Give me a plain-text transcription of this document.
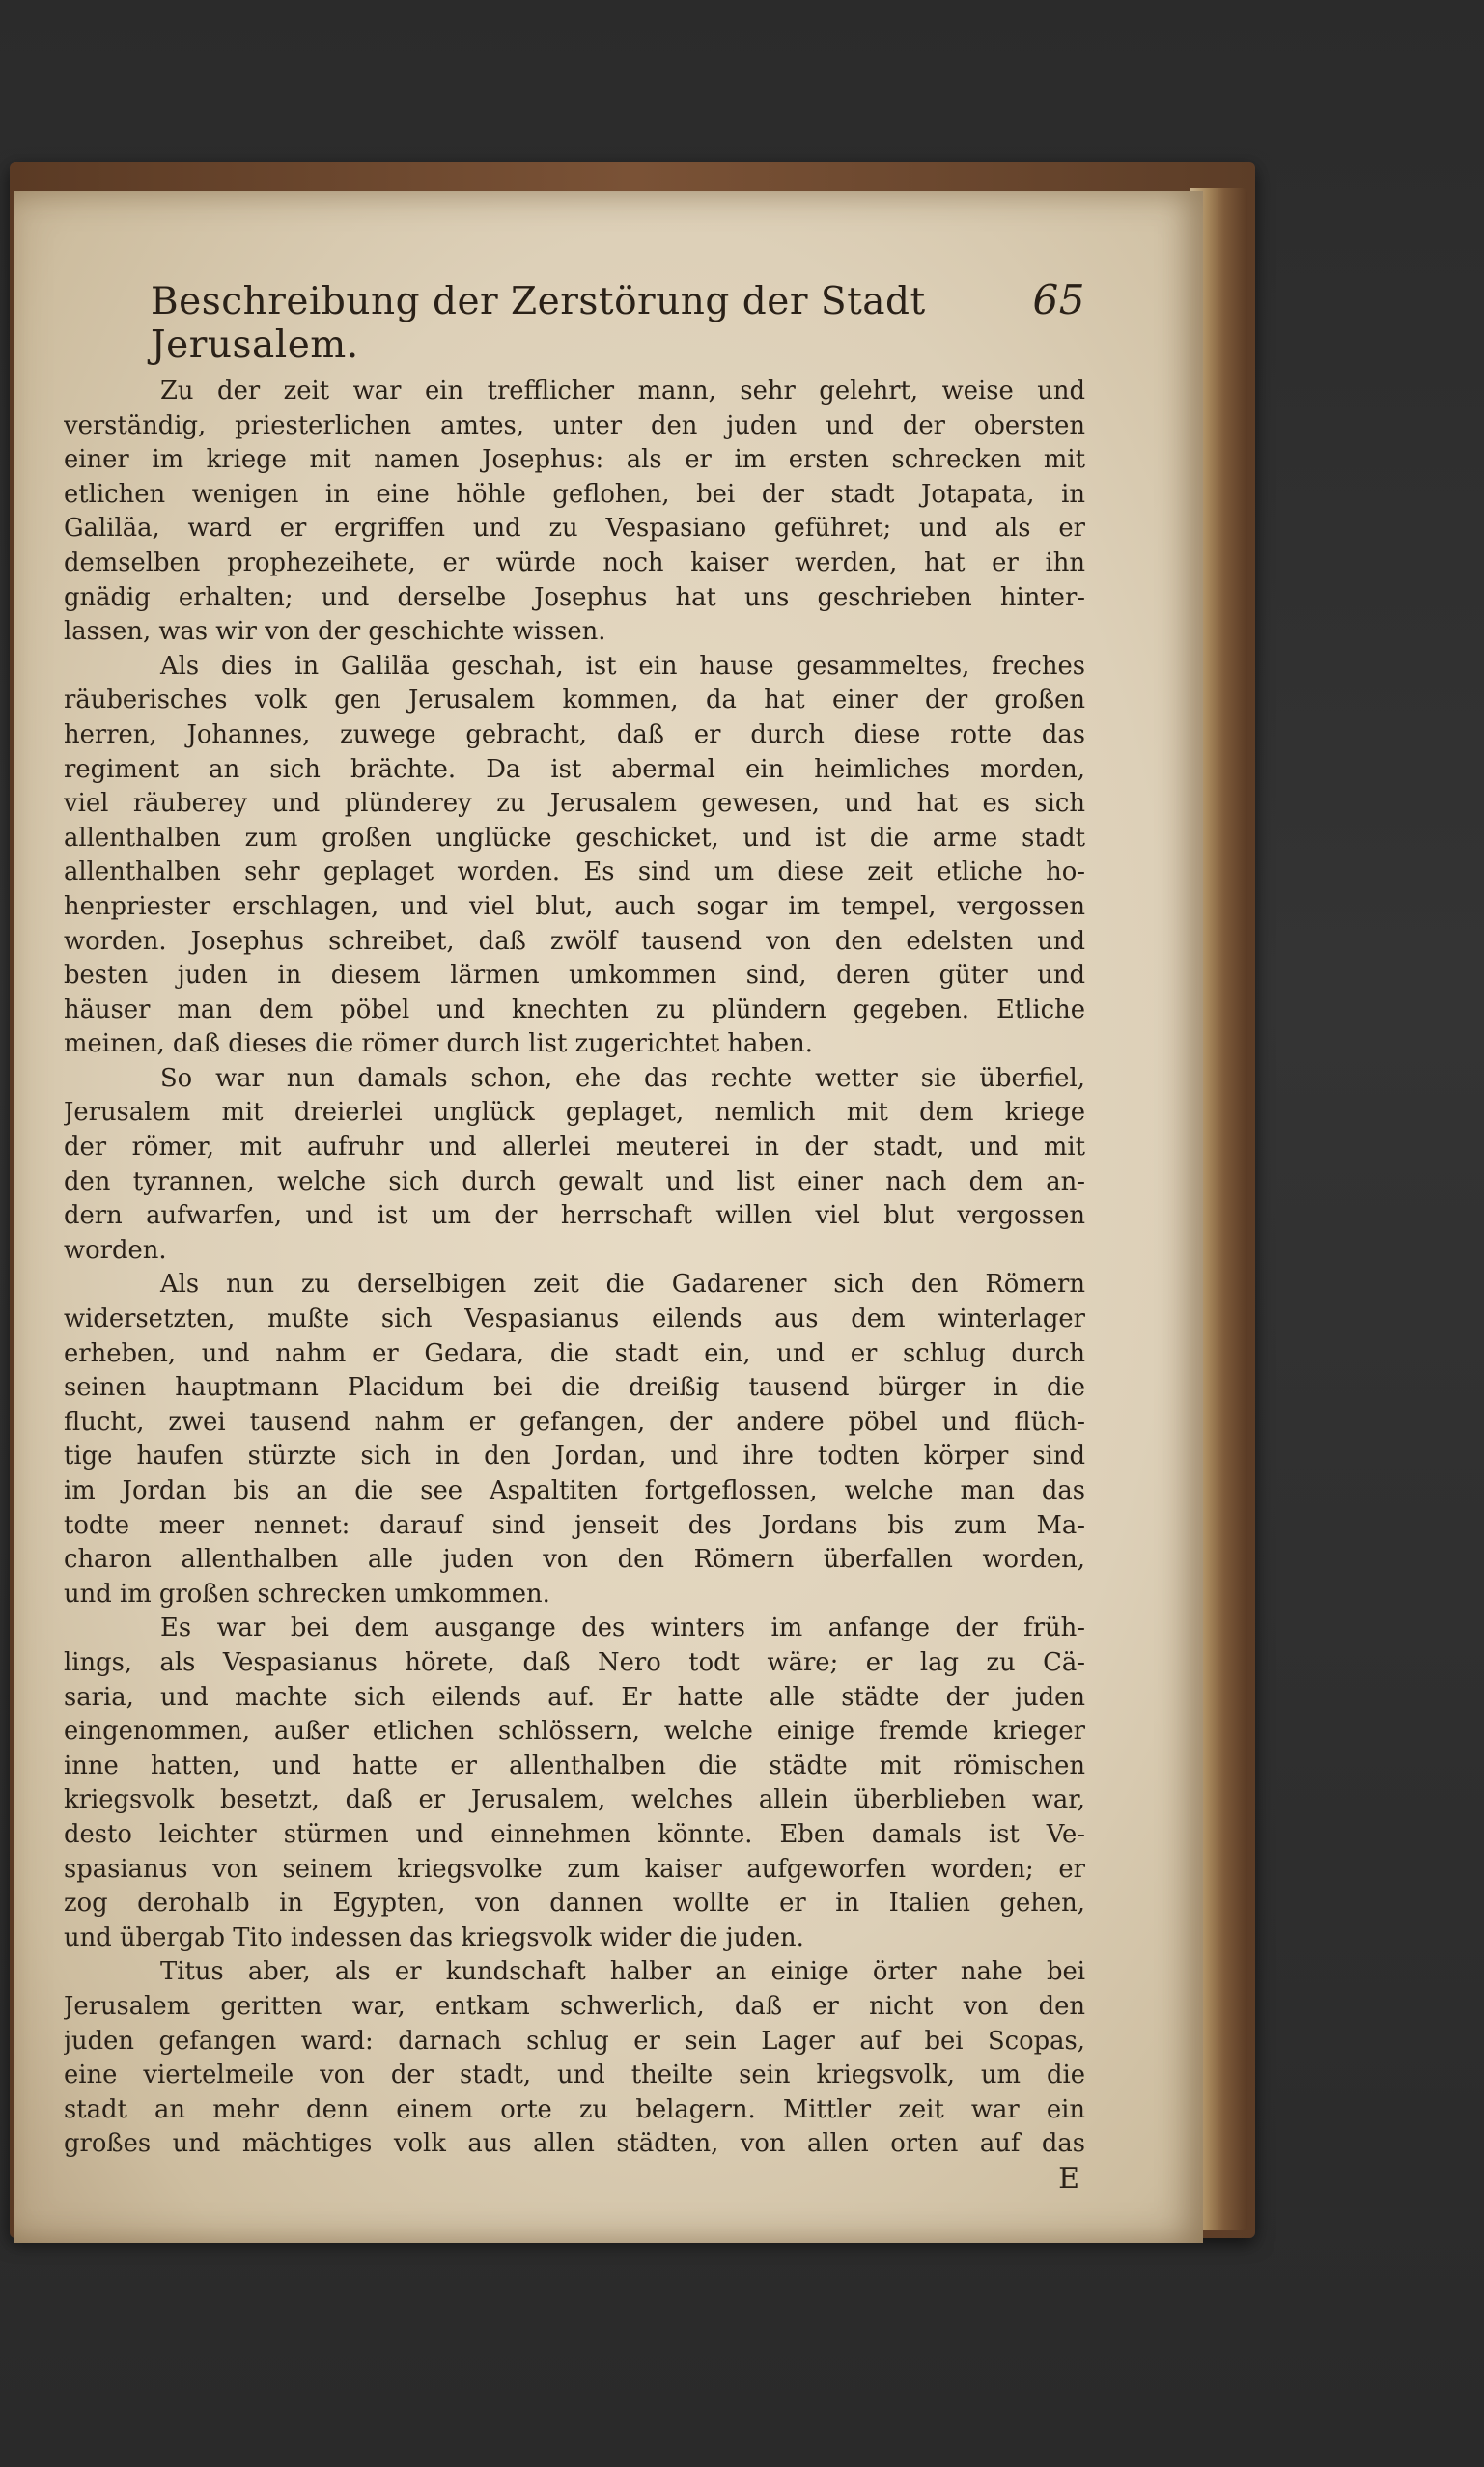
Beschreibung der Zerstörung der Stadt Jerusalem.
65
Zu der zeit war ein trefflicher mann, sehr gelehrt, weise und
verständig, priesterlichen amtes, unter den juden und der obersten
einer im kriege mit namen Josephus: als er im ersten schrecken mit
etlichen wenigen in eine höhle geflohen, bei der stadt Jotapata, in
Galiläa, ward er ergriffen und zu Vespasiano geführet; und als er
demselben prophezeihete, er würde noch kaiser werden, hat er ihn
gnädig erhalten; und derselbe Josephus hat uns geschrieben hinter-
lassen, was wir von der geschichte wissen.
Als dies in Galiläa geschah, ist ein hause gesammeltes, freches
räuberisches volk gen Jerusalem kommen, da hat einer der großen
herren, Johannes, zuwege gebracht, daß er durch diese rotte das
regiment an sich brächte. Da ist abermal ein heimliches morden,
viel räuberey und plünderey zu Jerusalem gewesen, und hat es sich
allenthalben zum großen unglücke geschicket, und ist die arme stadt
allenthalben sehr geplaget worden. Es sind um diese zeit etliche ho-
henpriester erschlagen, und viel blut, auch sogar im tempel, vergossen
worden. Josephus schreibet, daß zwölf tausend von den edelsten und
besten juden in diesem lärmen umkommen sind, deren güter und
häuser man dem pöbel und knechten zu plündern gegeben. Etliche
meinen, daß dieses die römer durch list zugerichtet haben.
So war nun damals schon, ehe das rechte wetter sie überfiel,
Jerusalem mit dreierlei unglück geplaget, nemlich mit dem kriege
der römer, mit aufruhr und allerlei meuterei in der stadt, und mit
den tyrannen, welche sich durch gewalt und list einer nach dem an-
dern aufwarfen, und ist um der herrschaft willen viel blut vergossen
worden.
Als nun zu derselbigen zeit die Gadarener sich den Römern
widersetzten, mußte sich Vespasianus eilends aus dem winterlager
erheben, und nahm er Gedara, die stadt ein, und er schlug durch
seinen hauptmann Placidum bei die dreißig tausend bürger in die
flucht, zwei tausend nahm er gefangen, der andere pöbel und flüch-
tige haufen stürzte sich in den Jordan, und ihre todten körper sind
im Jordan bis an die see Aspaltiten fortgeflossen, welche man das
todte meer nennet: darauf sind jenseit des Jordans bis zum Ma-
charon allenthalben alle juden von den Römern überfallen worden,
und im großen schrecken umkommen.
Es war bei dem ausgange des winters im anfange der früh-
lings, als Vespasianus hörete, daß Nero todt wäre; er lag zu Cä-
saria, und machte sich eilends auf. Er hatte alle städte der juden
eingenommen, außer etlichen schlössern, welche einige fremde krieger
inne hatten, und hatte er allenthalben die städte mit römischen
kriegsvolk besetzt, daß er Jerusalem, welches allein überblieben war,
desto leichter stürmen und einnehmen könnte. Eben damals ist Ve-
spasianus von seinem kriegsvolke zum kaiser aufgeworfen worden; er
zog derohalb in Egypten, von dannen wollte er in Italien gehen,
und übergab Tito indessen das kriegsvolk wider die juden.
Titus aber, als er kundschaft halber an einige örter nahe bei
Jerusalem geritten war, entkam schwerlich, daß er nicht von den
juden gefangen ward: darnach schlug er sein Lager auf bei Scopas,
eine viertelmeile von der stadt, und theilte sein kriegsvolk, um die
stadt an mehr denn einem orte zu belagern. Mittler zeit war ein
großes und mächtiges volk aus allen städten, von allen orten auf das
E
